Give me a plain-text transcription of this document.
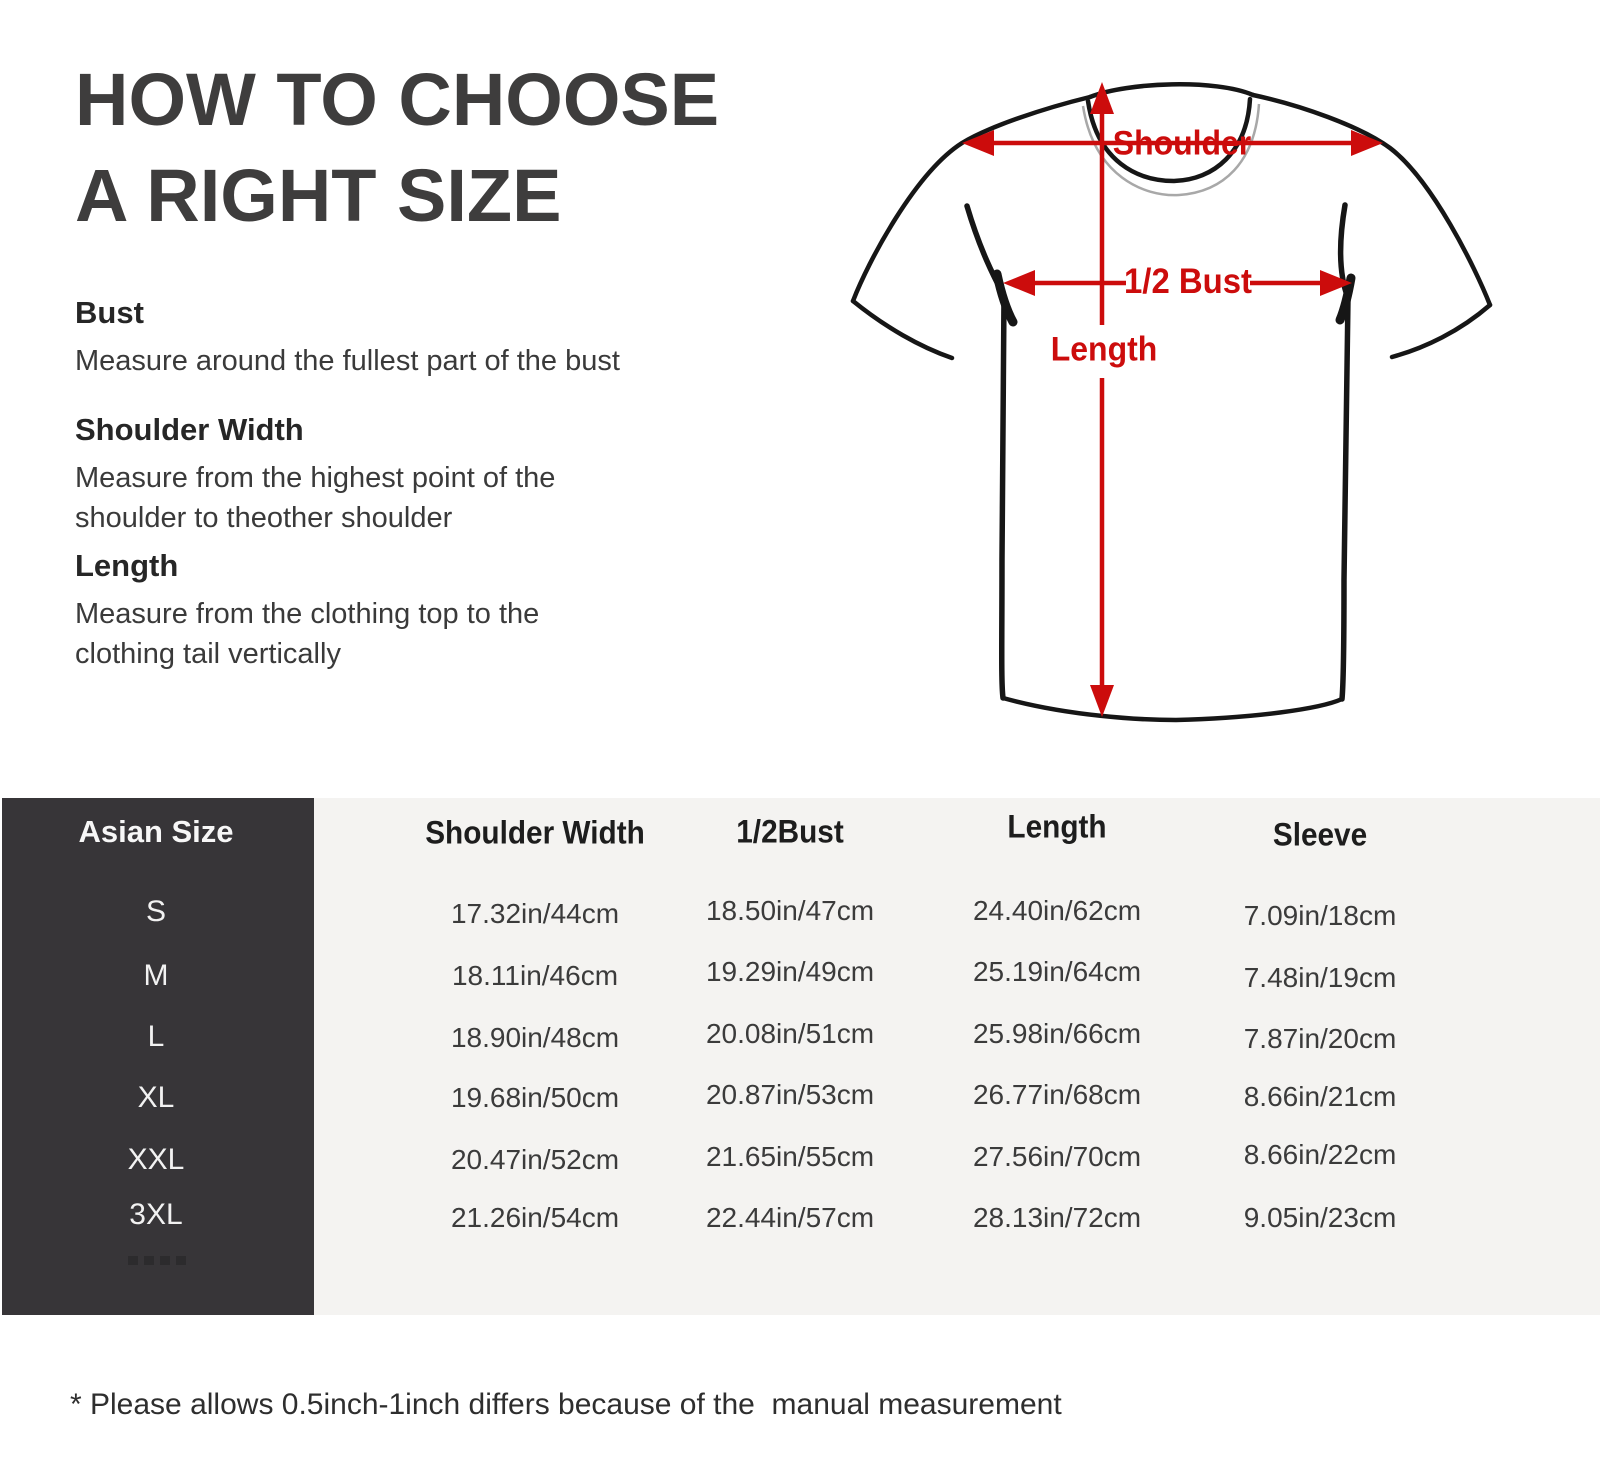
HOW TO CHOOSE
A RIGHT SIZE
Bust
Measure around the fullest part of the bust
Shoulder Width
Measure from the highest point of the
shoulder to theother shoulder
Length
Measure from the clothing top to the
clothing tail vertically
Shoulder
1/2 Bust
Length
Asian Size	Shoulder Width	1/2Bust	Length	Sleeve
S	17.32in/44cm	18.50in/47cm	24.40in/62cm	7.09in/18cm
M	18.11in/46cm	19.29in/49cm	25.19in/64cm	7.48in/19cm
L	18.90in/48cm	20.08in/51cm	25.98in/66cm	7.87in/20cm
XL	19.68in/50cm	20.87in/53cm	26.77in/68cm	8.66in/21cm
XXL	20.47in/52cm	21.65in/55cm	27.56in/70cm	8.66in/22cm
3XL	21.26in/54cm	22.44in/57cm	28.13in/72cm	9.05in/23cm
* Please allows 0.5inch-1inch differs because of the  manual measurement
